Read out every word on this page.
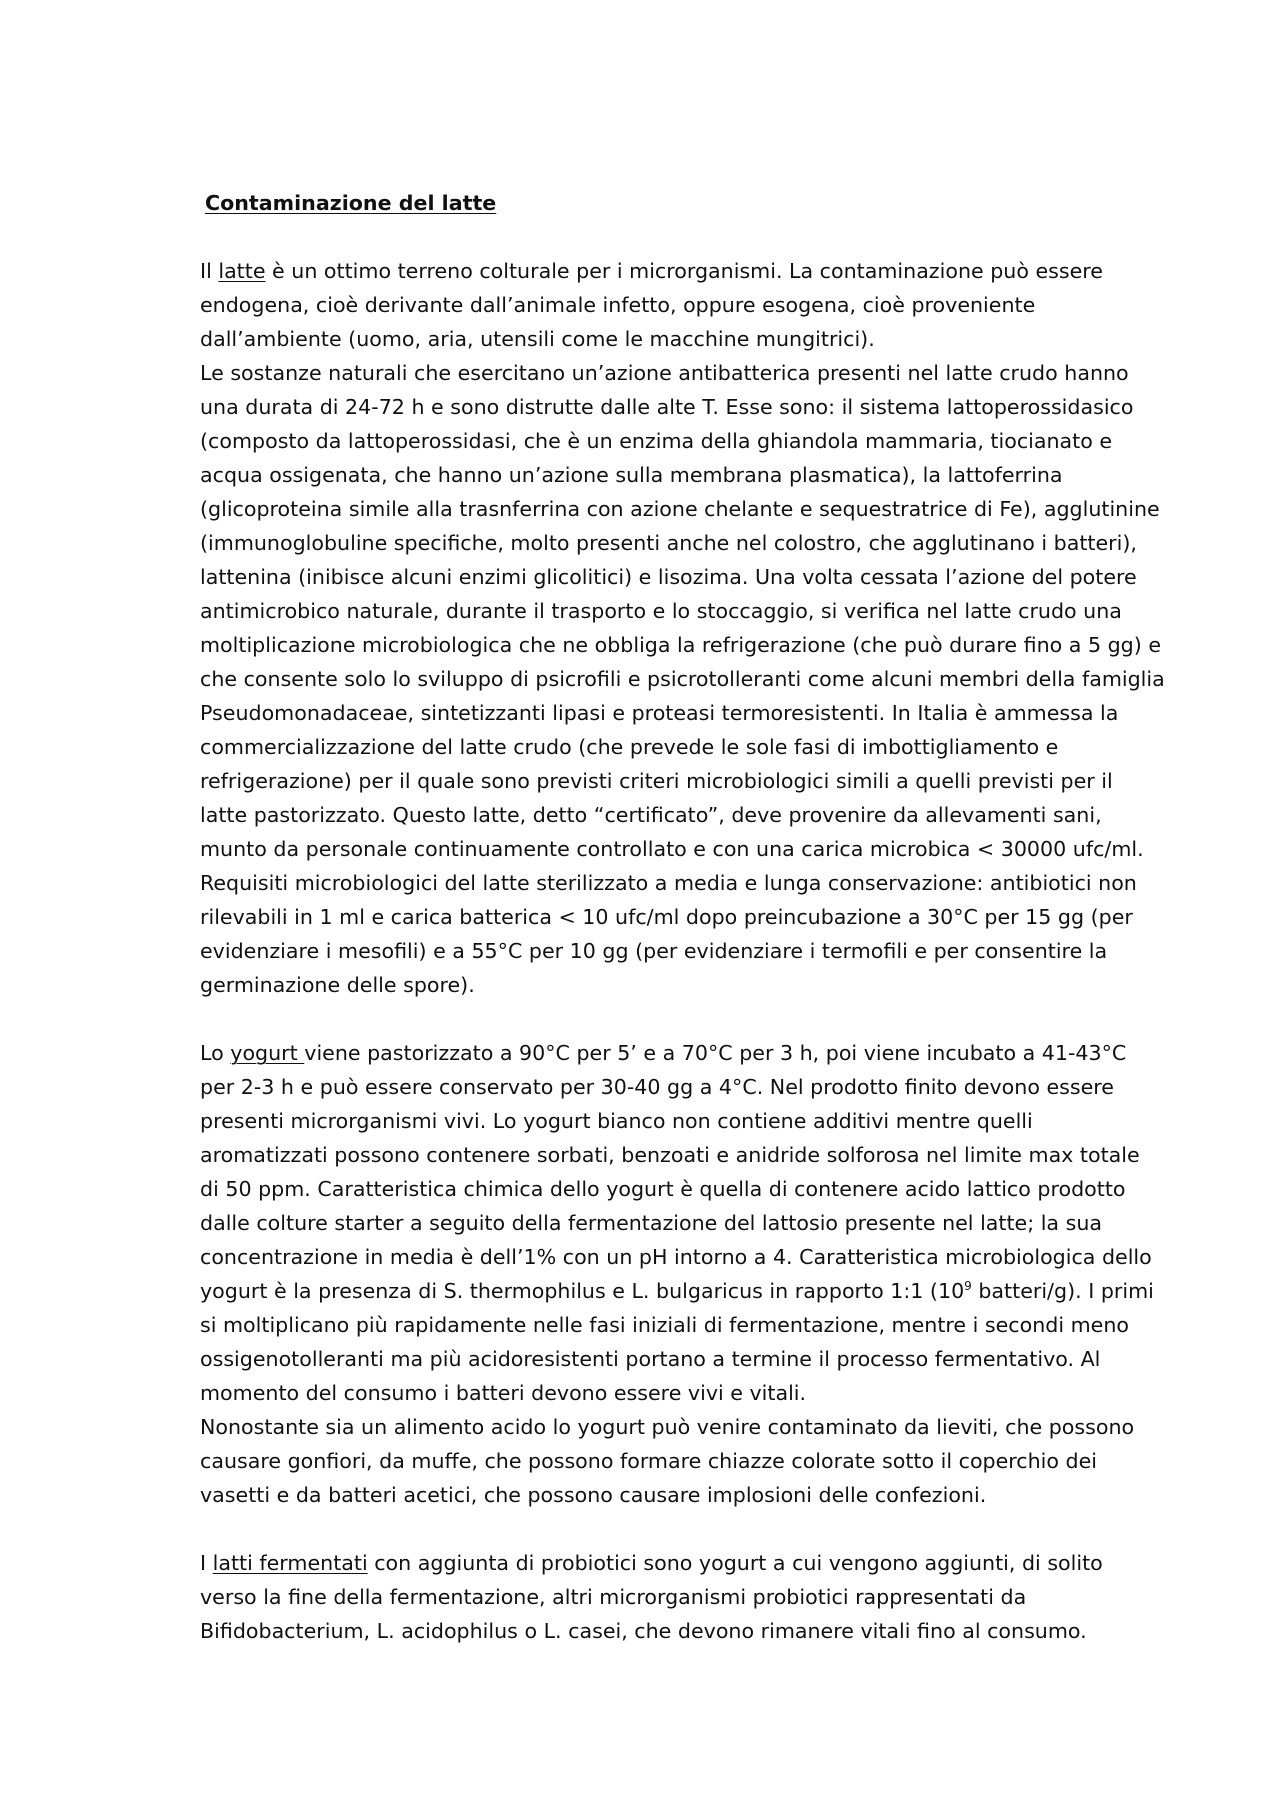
Contaminazione del latte

Il latte è un ottimo terreno colturale per i microrganismi. La contaminazione può essere endogena, cioè derivante dall’animale infetto, oppure esogena, cioè proveniente dall’ambiente (uomo, aria, utensili come le macchine mungitrici).

Le sostanze naturali che esercitano un’azione antibatterica presenti nel latte crudo hanno una durata di 24-72 h e sono distrutte dalle alte T. Esse sono: il sistema lattoperossidasico (composto da lattoperossidasi, che è un enzima della ghiandola mammaria, tiocianato e acqua ossigenata, che hanno un’azione sulla membrana plasmatica), la lattoferrina (glicoproteina simile alla trasnferrina con azione chelante e sequestratrice di Fe), agglutinine (immunoglobuline specifiche, molto presenti anche nel colostro, che agglutinano i batteri), lattenina (inibisce alcuni enzimi glicolitici) e lisozima. Una volta cessata l’azione del potere antimicrobico naturale, durante il trasporto e lo stoccaggio, si verifica nel latte crudo una moltiplicazione microbiologica che ne obbliga la refrigerazione (che può durare fino a 5 gg) e che consente solo lo sviluppo di psicrofili e psicrotolleranti come alcuni membri della famiglia Pseudomonadaceae, sintetizzanti lipasi e proteasi termoresistenti. In Italia è ammessa la commercializzazione del latte crudo (che prevede le sole fasi di imbottigliamento e refrigerazione) per il quale sono previsti criteri microbiologici simili a quelli previsti per il latte pastorizzato. Questo latte, detto “certificato”, deve provenire da allevamenti sani, munto da personale continuamente controllato e con una carica microbica < 30000 ufc/ml.

Requisiti microbiologici del latte sterilizzato a media e lunga conservazione: antibiotici non rilevabili in 1 ml e carica batterica < 10 ufc/ml dopo preincubazione a 30°C per 15 gg (per evidenziare i mesofili) e a 55°C per 10 gg (per evidenziare i termofili e per consentire la germinazione delle spore).

Lo yogurt viene pastorizzato a 90°C per 5’ e a 70°C per 3 h, poi viene incubato a 41-43°C per 2-3 h e può essere conservato per 30-40 gg a 4°C. Nel prodotto finito devono essere presenti microrganismi vivi. Lo yogurt bianco non contiene additivi mentre quelli aromatizzati possono contenere sorbati, benzoati e anidride solforosa nel limite max totale di 50 ppm. Caratteristica chimica dello yogurt è quella di contenere acido lattico prodotto dalle colture starter a seguito della fermentazione del lattosio presente nel latte; la sua concentrazione in media è dell’1% con un pH intorno a 4. Caratteristica microbiologica dello yogurt è la presenza di S. thermophilus e L. bulgaricus in rapporto 1:1 ($10^9$ batteri/g). I primi si moltiplicano più rapidamente nelle fasi iniziali di fermentazione, mentre i secondi meno ossigenotolleranti ma più acidoresistenti portano a termine il processo fermentativo. Al momento del consumo i batteri devono essere vivi e vitali.

Nonostante sia un alimento acido lo yogurt può venire contaminato da lieviti, che possono causare gonfiori, da muffe, che possono formare chiazze colorate sotto il coperchio dei vasetti e da batteri acetici, che possono causare implosioni delle confezioni.

I latti fermentati con aggiunta di probiotici sono yogurt a cui vengono aggiunti, di solito verso la fine della fermentazione, altri microrganismi probiotici rappresentati da Bifidobacterium, L. acidophilus o L. casei, che devono rimanere vitali fino al consumo.
